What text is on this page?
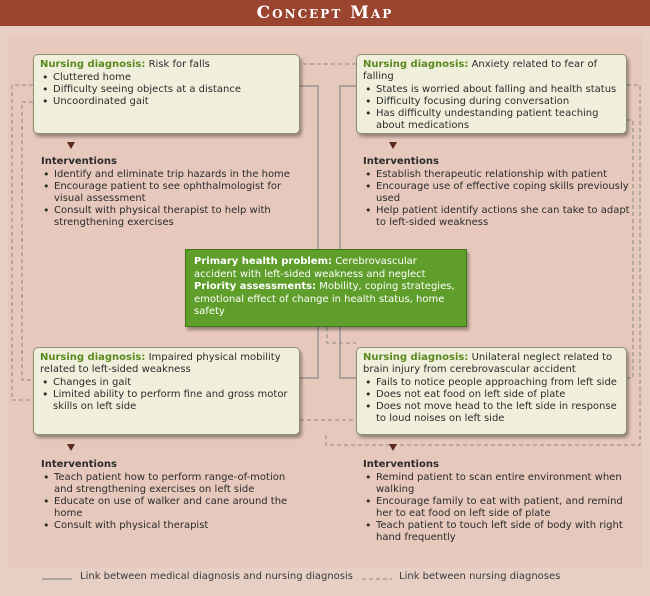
Concept Map
Nursing diagnosis: Risk for falls
• Cluttered home
• Difficulty seeing objects at a distance
• Uncoordinated gait
Nursing diagnosis: Anxiety related to fear of falling
• States is worried about falling and health status
• Difficulty focusing during conversation
• Has difficulty undestanding patient teaching about medications
Interventions
• Identify and eliminate trip hazards in the home
• Encourage patient to see ophthalmologist for visual assessment
• Consult with physical therapist to help with strengthening exercises
Interventions
• Establish therapeutic relationship with patient
• Encourage use of effective coping skills previously used
• Help patient identify actions she can take to adapt to left-sided weakness
Primary health problem: Cerebrovascular accident with left-sided weakness and neglect
Priority assessments: Mobility, coping strategies, emotional effect of change in health status, home safety
Nursing diagnosis: Impaired physical mobility related to left-sided weakness
• Changes in gait
• Limited ability to perform fine and gross motor skills on left side
Nursing diagnosis: Unilateral neglect related to brain injury from cerebrovascular accident
• Fails to notice people approaching from left side
• Does not eat food on left side of plate
• Does not move head to the left side in response to loud noises on left side
Interventions
• Teach patient how to perform range-of-motion and strengthening exercises on left side
• Educate on use of walker and cane around the home
• Consult with physical therapist
Interventions
• Remind patient to scan entire environment when walking
• Encourage family to eat with patient, and remind her to eat food on left side of plate
• Teach patient to touch left side of body with right hand frequently
Link between medical diagnosis and nursing diagnosis	Link between nursing diagnoses
